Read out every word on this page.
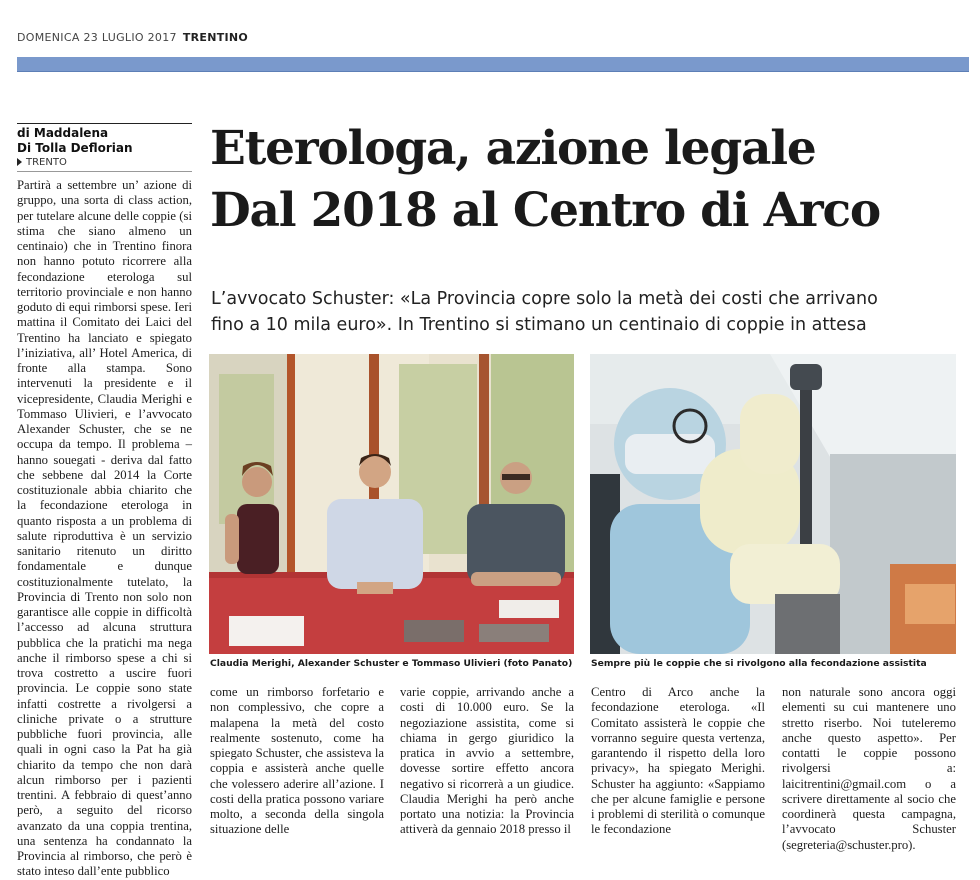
DOMENICA 23 LUGLIO 2017 TRENTINO
di Maddalena
Di Tolla Deflorian
TRENTO	Eterologa, azione legale
Dal 2018 al Centro di Arco
L’avvocato Schuster: «La Provincia copre solo la metà dei costi che arrivano
fino a 10 mila euro». In Trentino si stimano un centinaio di coppie in attesa
Claudia Merighi, Alexander Schuster e Tommaso Ulivieri (foto Panato) Sempre più le coppie che si rivolgono alla fecondazione assistita

Partirà a settembre un’ azione di gruppo, una sorta di class action, per tutelare alcune delle coppie (si stima che siano almeno un centinaio) che in Trentino finora non hanno potuto ricorrere alla fecondazione eterologa sul territorio provinciale e non hanno goduto di equi rimborsi spese. Ieri mattina il Comitato dei Laici del Trentino ha lanciato e spiegato l’iniziativa, all’ Hotel America, di fronte alla stampa. Sono intervenuti la presidente e il vicepresidente, Claudia Merighi e Tommaso Ulivieri, e l’avvocato Alexander Schuster, che se ne occupa da tempo. Il problema – hanno souegati - deriva dal fatto che sebbene dal 2014 la Corte costituzionale abbia chiarito che la fecondazione eterologa in quanto risposta a un problema di salute riproduttiva è un servizio sanitario ritenuto un diritto fondamentale e dunque costituzionalmente tutelato, la Provincia di Trento non solo non garantisce alle coppie in difficoltà l’accesso ad alcuna struttura pubblica che la pratichi ma nega anche il rimborso spese a chi si trova costretto a uscire fuori provincia. Le coppie sono state infatti costrette a rivolgersi a cliniche private o a strutture pubbliche fuori provincia, alle quali in ogni caso la Pat ha già chiarito da tempo che non darà alcun rimborso per i pazienti trentini. A febbraio di quest’anno però, a seguito del ricorso avanzato da una coppia trentina, una sentenza ha condannato la Provincia al rimborso, che però è stato inteso dall’ente pubblico

come un rimborso forfetario e non complessivo, che copre a malapena la metà del costo realmente sostenuto, come ha spiegato Schuster, che assisteva la coppia e assisterà anche quelle che volessero aderire all’azione. I costi della pratica possono variare molto, a seconda della singola situazione delle

varie coppie, arrivando anche a costi di 10.000 euro. Se la negoziazione assistita, come si chiama in gergo giuridico la pratica in avvio a settembre, dovesse sortire effetto ancora negativo si ricorrerà a un giudice. Claudia Merighi ha però anche portato una notizia: la Provincia attiverà da gennaio 2018 presso il

Centro di Arco anche la fecondazione eterologa. «Il Comitato assisterà le coppie che vorranno seguire questa vertenza, garantendo il rispetto della loro privacy», ha spiegato Merighi. Schuster ha aggiunto: «Sappiamo che per alcune famiglie e persone i problemi di sterilità o comunque le fecondazione

non naturale sono ancora oggi elementi su cui mantenere uno stretto riserbo. Noi tuteleremo anche questo aspetto». Per contatti le coppie possono rivolgersi a: laicitrentini@gmail.com o a scrivere direttamente al socio che coordinerà questa campagna, l’avvocato Schuster (segreteria@schuster.pro).
